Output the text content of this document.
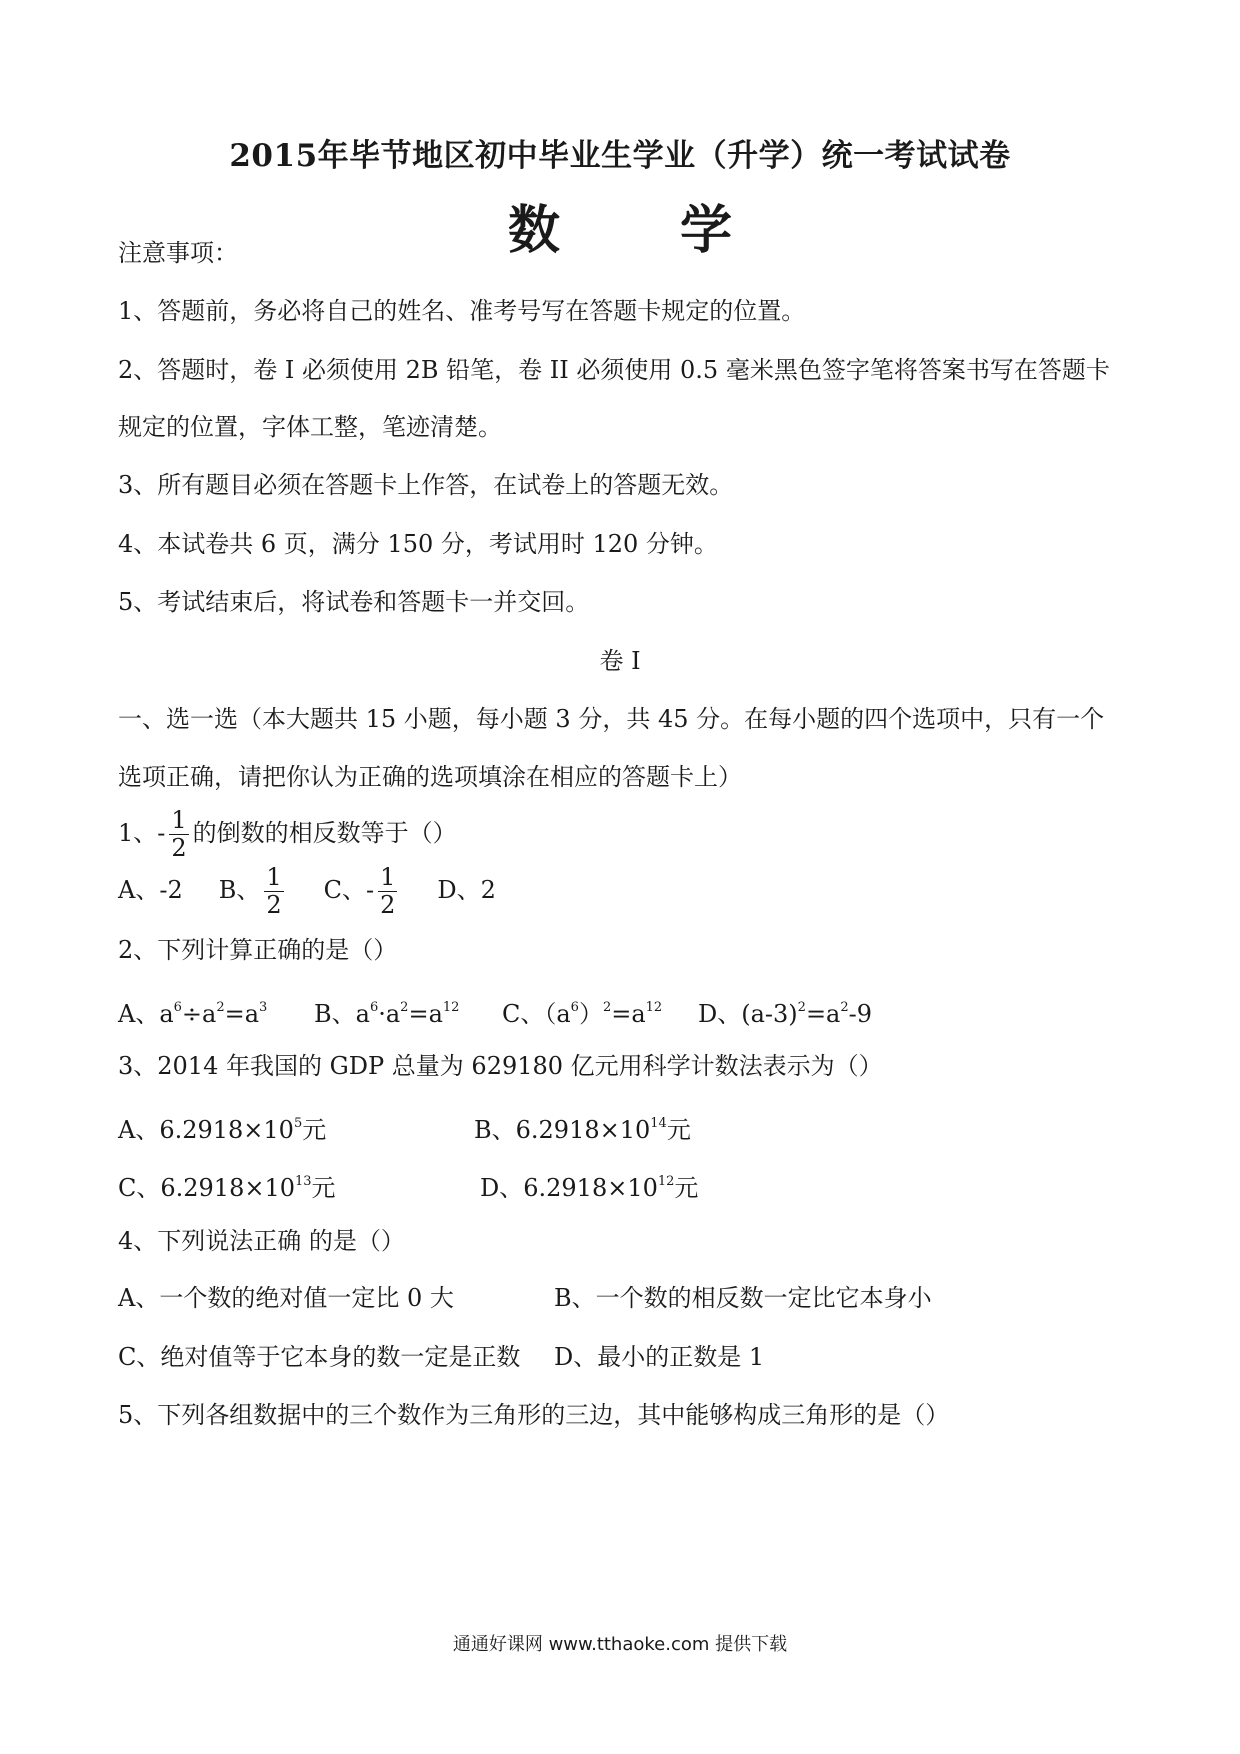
2015年毕节地区初中毕业生学业（升学）统一考试试卷
数 学
注意事项：
1、答题前，务必将自己的姓名、准考号写在答题卡规定的位置。
2、答题时，卷 I 必须使用 2B 铅笔，卷 II 必须使用 0.5 毫米黑色签字笔将答案书写在答题卡
规定的位置，字体工整，笔迹清楚。
3、所有题目必须在答题卡上作答，在试卷上的答题无效。
4、本试卷共 6 页，满分 150 分，考试用时 120 分钟。
5、考试结束后，将试卷和答题卡一并交回。
卷 I
一、选一选（本大题共 15 小题，每小题 3 分，共 45 分。在每小题的四个选项中，只有一个
选项正确，请把你认为正确的选项填涂在相应的答题卡上）
1、- $\frac{1}{2}$ 的倒数的相反数等于（）
A、-2 B、 $\frac{1}{2}$ C、- $\frac{1}{2}$ D、2
2、下列计算正确的是（）
A、$a^6\div a^2=a^3$ B、$a^6\cdot a^2=a^{12}$ C、$(a^6)^2=a^{12}$ D、$(a-3)^2=a^2-9$
3、2014 年我国的 GDP 总量为 629180 亿元用科学计数法表示为（）
A、$6.2918\times 10^5$元	B、$6.2918\times 10^{14}$元
C、$6.2918\times 10^{13}$元	D、$6.2918\times 10^{12}$元
4、下列说法正确 的是（）
A、一个数的绝对值一定比 0 大	B、一个数的相反数一定比它本身小
C、绝对值等于它本身的数一定是正数 D、最小的正数是 1
5、下列各组数据中的三个数作为三角形的三边，其中能够构成三角形的是（）
通通好课网 www.tthaoke.com 提供下载
